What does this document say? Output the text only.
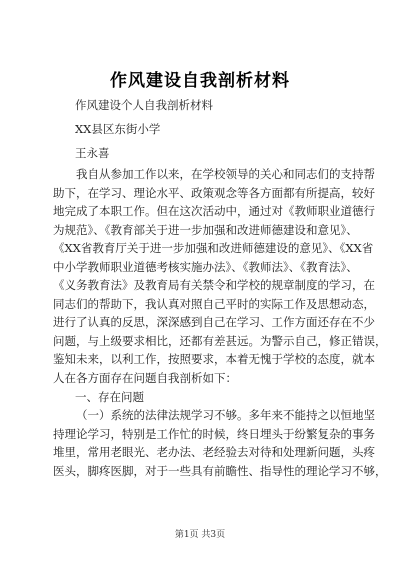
作风建设自我剖析材料
作风建设个人自我剖析材料
XX县区东街小学
王永喜
我自从参加工作以来，在学校领导的关心和同志们的支持帮
助下，在学习、理论水平、政策观念等各方面都有所提高，较好
地完成了本职工作。但在这次活动中，通过对《教师职业道德行
为规范》、《教育部关于进一步加强和改进师德建设和意见》、
《XX省教育厅关于进一步加强和改进师德建设的意见》、《XX省
中小学教师职业道德考核实施办法》、《教师法》、《教育法》、
《义务教育法》及教育局有关禁令和学校的规章制度的学习，在
同志们的帮助下，我认真对照自己平时的实际工作及思想动态，
进行了认真的反思，深深感到自己在学习、工作方面还存在不少
问题，与上级要求相比，还都有差甚远。为警示自己，修正错误，
鉴知未来，以利工作，按照要求，本着无愧于学校的态度，就本
人在各方面存在问题自我剖析如下：
一、存在问题
（一）系统的法律法规学习不够。多年来不能持之以恒地坚
持理论学习，特别是工作忙的时候，终日埋头于纷繁复杂的事务
堆里，常用老眼光、老办法、老经验去对待和处理新问题，头疼
医头，脚疼医脚，对于一些具有前瞻性、指导性的理论学习不够，
第1页 共3页
